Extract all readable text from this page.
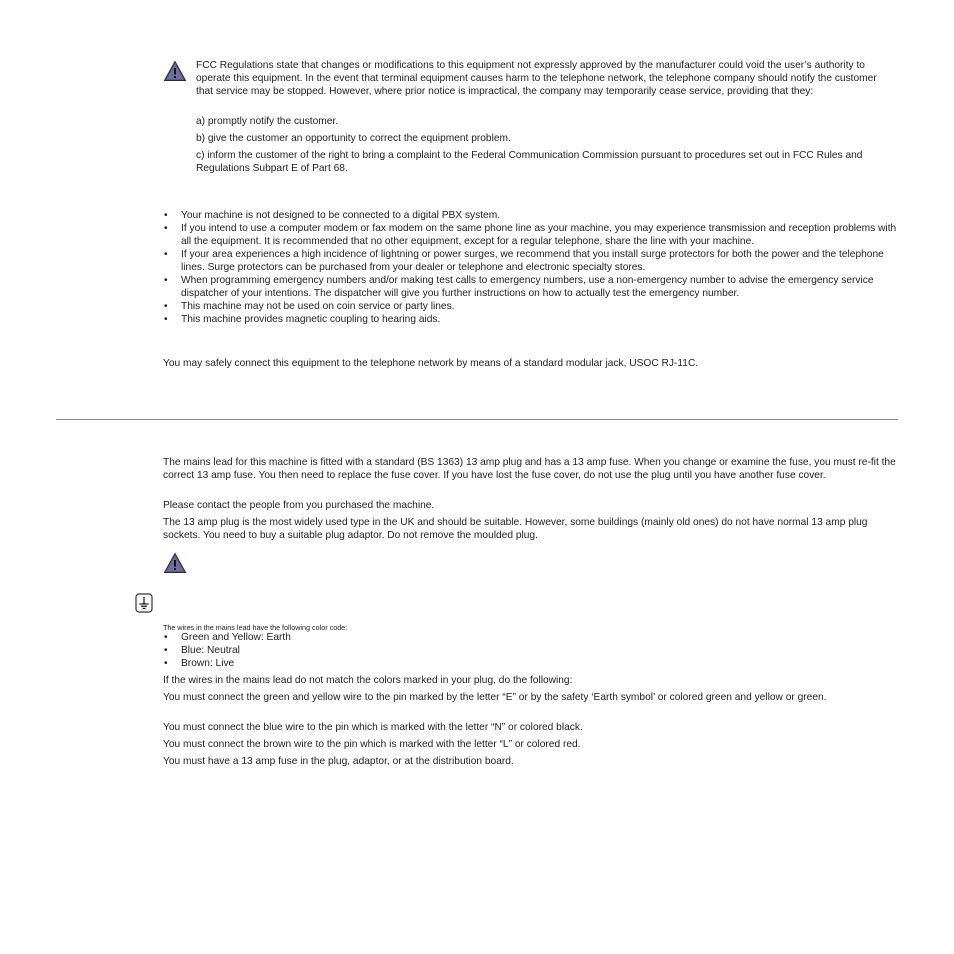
FCC Regulations state that changes or modifications to this equipment not expressly approved by the manufacturer could void the user’s authority to operate this equipment. In the event that terminal equipment causes harm to the telephone network, the telephone company should notify the customer that service may be stopped. However, where prior notice is impractical, the company may temporarily cease service, providing that they:
a) promptly notify the customer.
b) give the customer an opportunity to correct the equipment problem.
c) inform the customer of the right to bring a complaint to the Federal Communication Commission pursuant to procedures set out in FCC Rules and Regulations Subpart E of Part 68.
• Your machine is not designed to be connected to a digital PBX system.
• If you intend to use a computer modem or fax modem on the same phone line as your machine, you may experience transmission and reception problems with all the equipment. It is recommended that no other equipment, except for a regular telephone, share the line with your machine.
• If your area experiences a high incidence of lightning or power surges, we recommend that you install surge protectors for both the power and the telephone lines. Surge protectors can be purchased from your dealer or telephone and electronic specialty stores.
• When programming emergency numbers and/or making test calls to emergency numbers, use a non-emergency number to advise the emergency service dispatcher of your intentions. The dispatcher will give you further instructions on how to actually test the emergency number.
• This machine may not be used on coin service or party lines.
• This machine provides magnetic coupling to hearing aids.
You may safely connect this equipment to the telephone network by means of a standard modular jack, USOC RJ-11C.
The mains lead for this machine is fitted with a standard (BS 1363) 13 amp plug and has a 13 amp fuse. When you change or examine the fuse, you must re-fit the correct 13 amp fuse. You then need to replace the fuse cover. If you have lost the fuse cover, do not use the plug until you have another fuse cover.
Please contact the people from you purchased the machine.
The 13 amp plug is the most widely used type in the UK and should be suitable. However, some buildings (mainly old ones) do not have normal 13 amp plug sockets. You need to buy a suitable plug adaptor. Do not remove the moulded plug.
The wires in the mains lead have the following color code:
• Green and Yellow: Earth
• Blue: Neutral
• Brown: Live
If the wires in the mains lead do not match the colors marked in your plug, do the following:
You must connect the green and yellow wire to the pin marked by the letter “E” or by the safety ‘Earth symbol’ or colored green and yellow or green.
You must connect the blue wire to the pin which is marked with the letter “N” or colored black.
You must connect the brown wire to the pin which is marked with the letter “L” or colored red.
You must have a 13 amp fuse in the plug, adaptor, or at the distribution board.
